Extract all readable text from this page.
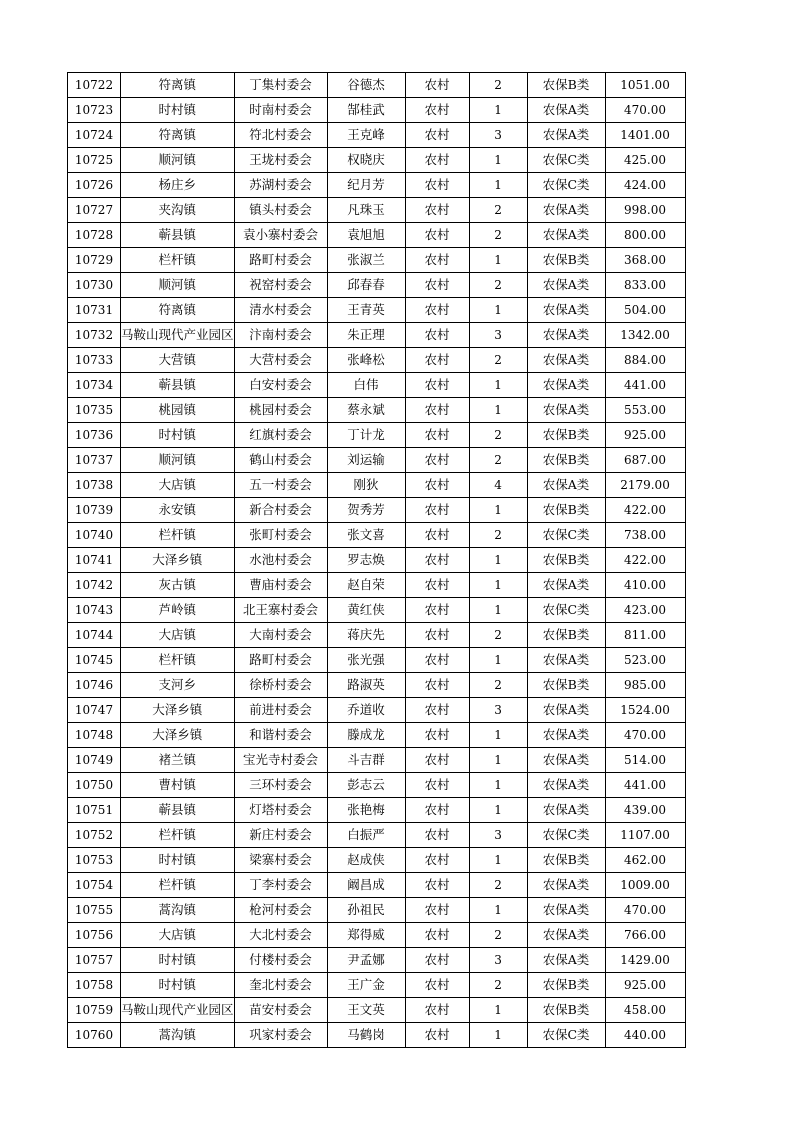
10722	符离镇	丁集村委会	谷德杰	农村	2	农保B类	1051.00
10723	时村镇	时南村委会	郜桂武	农村	1	农保A类	470.00
10724	符离镇	符北村委会	王克峰	农村	3	农保A类	1401.00
10725	顺河镇	王垅村委会	权晓庆	农村	1	农保C类	425.00
10726	杨庄乡	苏湖村委会	纪月芳	农村	1	农保C类	424.00
10727	夹沟镇	镇头村委会	凡珠玉	农村	2	农保A类	998.00
10728	蕲县镇	袁小寨村委会	袁旭旭	农村	2	农保A类	800.00
10729	栏杆镇	路町村委会	张淑兰	农村	1	农保B类	368.00
10730	顺河镇	祝窑村委会	邱春春	农村	2	农保A类	833.00
10731	符离镇	清水村委会	王青英	农村	1	农保A类	504.00
10732	马鞍山现代产业园区	汴南村委会	朱正理	农村	3	农保A类	1342.00
10733	大营镇	大营村委会	张峰松	农村	2	农保A类	884.00
10734	蕲县镇	白安村委会	白伟	农村	1	农保A类	441.00
10735	桃园镇	桃园村委会	蔡永斌	农村	1	农保A类	553.00
10736	时村镇	红旗村委会	丁计龙	农村	2	农保B类	925.00
10737	顺河镇	鹤山村委会	刘运输	农村	2	农保B类	687.00
10738	大店镇	五一村委会	刚狄	农村	4	农保A类	2179.00
10739	永安镇	新合村委会	贺秀芳	农村	1	农保B类	422.00
10740	栏杆镇	张町村委会	张文喜	农村	2	农保C类	738.00
10741	大泽乡镇	水池村委会	罗志焕	农村	1	农保B类	422.00
10742	灰古镇	曹庙村委会	赵自荣	农村	1	农保A类	410.00
10743	芦岭镇	北王寨村委会	黄红侠	农村	1	农保C类	423.00
10744	大店镇	大南村委会	蒋庆先	农村	2	农保B类	811.00
10745	栏杆镇	路町村委会	张光强	农村	1	农保A类	523.00
10746	支河乡	徐桥村委会	路淑英	农村	2	农保B类	985.00
10747	大泽乡镇	前进村委会	乔道收	农村	3	农保A类	1524.00
10748	大泽乡镇	和谐村委会	滕成龙	农村	1	农保A类	470.00
10749	褚兰镇	宝光寺村委会	斗吉群	农村	1	农保A类	514.00
10750	曹村镇	三环村委会	彭志云	农村	1	农保A类	441.00
10751	蕲县镇	灯塔村委会	张艳梅	农村	1	农保A类	439.00
10752	栏杆镇	新庄村委会	白振严	农村	3	农保C类	1107.00
10753	时村镇	梁寨村委会	赵成侠	农村	1	农保B类	462.00
10754	栏杆镇	丁李村委会	阚昌成	农村	2	农保A类	1009.00
10755	蒿沟镇	枪河村委会	孙祖民	农村	1	农保A类	470.00
10756	大店镇	大北村委会	郑得威	农村	2	农保A类	766.00
10757	时村镇	付楼村委会	尹孟娜	农村	3	农保A类	1429.00
10758	时村镇	奎北村委会	王广金	农村	2	农保B类	925.00
10759	马鞍山现代产业园区	苗安村委会	王文英	农村	1	农保B类	458.00
10760	蒿沟镇	巩家村委会	马鹤岗	农村	1	农保C类	440.00
